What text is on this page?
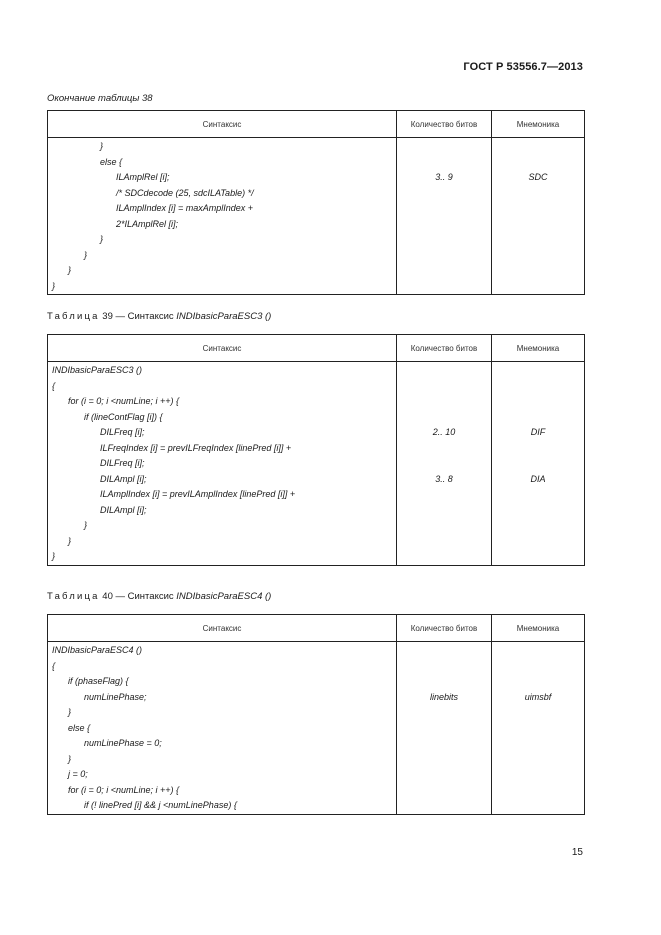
ГОСТ Р 53556.7—2013
Окончание таблицы 38
Синтаксис	Количество битов	Мнемоника
}		
else {		
ILAmplRel [i];	3.. 9	SDC
/* SDCdecode (25, sdcILATable) */		
ILAmplIndex [i] = maxAmplIndex +		
2*ILAmplRel [i];		
}		
}		
}		
}		
Таблица 39 — Синтаксис INDIbasicParaESC3 ()
Синтаксис	Количество битов	Мнемоника
INDIbasicParaESC3 ()		
{		
for (i = 0; i <numLine; i ++) {		
if (lineContFlag [i]) {		
DILFreq [i];	2.. 10	DIF
ILFreqIndex [i] = prevILFreqIndex [linePred [i]] +		
DILFreq [i];		
DILAmpl [i];	3.. 8	DIA
ILAmplIndex [i] = prevILAmplIndex [linePred [i]] +		
DILAmpl [i];		
}		
}		
}		
Таблица 40 — Синтаксис INDIbasicParaESC4 ()
Синтаксис	Количество битов	Мнемоника
INDIbasicParaESC4 ()		
{		
if (phaseFlag) {		
numLinePhase;	linebits	uimsbf
}		
else {		
numLinePhase = 0;		
}		
j = 0;		
for (i = 0; i <numLine; i ++) {		
if (! linePred [i] && j <numLinePhase) {		
15
